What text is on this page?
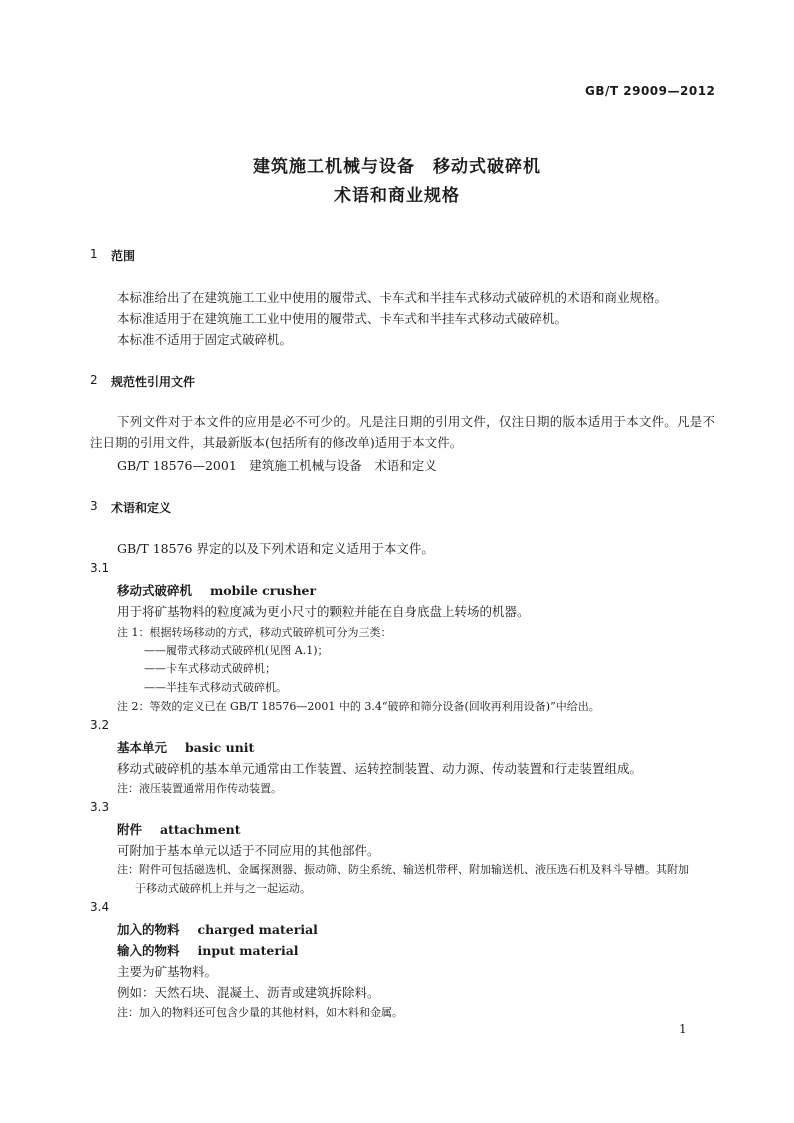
GB/T 29009—2012
建筑施工机械与设备　移动式破碎机
术语和商业规格
1 范围
本标准给出了在建筑施工工业中使用的履带式、卡车式和半挂车式移动式破碎机的术语和商业规格。
本标准适用于在建筑施工工业中使用的履带式、卡车式和半挂车式移动式破碎机。
本标准不适用于固定式破碎机。
2 规范性引用文件
下列文件对于本文件的应用是必不可少的。凡是注日期的引用文件，仅注日期的版本适用于本文件。凡是不注日期的引用文件，其最新版本(包括所有的修改单)适用于本文件。
GB/T 18576—2001　建筑施工机械与设备　术语和定义
3 术语和定义
GB/T 18576 界定的以及下列术语和定义适用于本文件。
3.1
移动式破碎机 mobile crusher
用于将矿基物料的粒度减为更小尺寸的颗粒并能在自身底盘上转场的机器。
注 1：根据转场移动的方式，移动式破碎机可分为三类：
——履带式移动式破碎机(见图 A.1)；
——卡车式移动式破碎机；
——半挂车式移动式破碎机。
注 2：等效的定义已在 GB/T 18576—2001 中的 3.4“破碎和筛分设备(回收再利用设备)”中给出。
3.2
基本单元 basic unit
移动式破碎机的基本单元通常由工作装置、运转控制装置、动力源、传动装置和行走装置组成。
注：液压装置通常用作传动装置。
3.3
附件 attachment
可附加于基本单元以适于不同应用的其他部件。
注：附件可包括磁选机、金属探测器、振动筛、防尘系统、输送机带秤、附加输送机、液压选石机及料斗导槽。其附加
于移动式破碎机上并与之一起运动。
3.4
加入的物料 charged material
输入的物料 input material
主要为矿基物料。
例如：天然石块、混凝土、沥青或建筑拆除料。
注：加入的物料还可包含少量的其他材料，如木料和金属。
1
